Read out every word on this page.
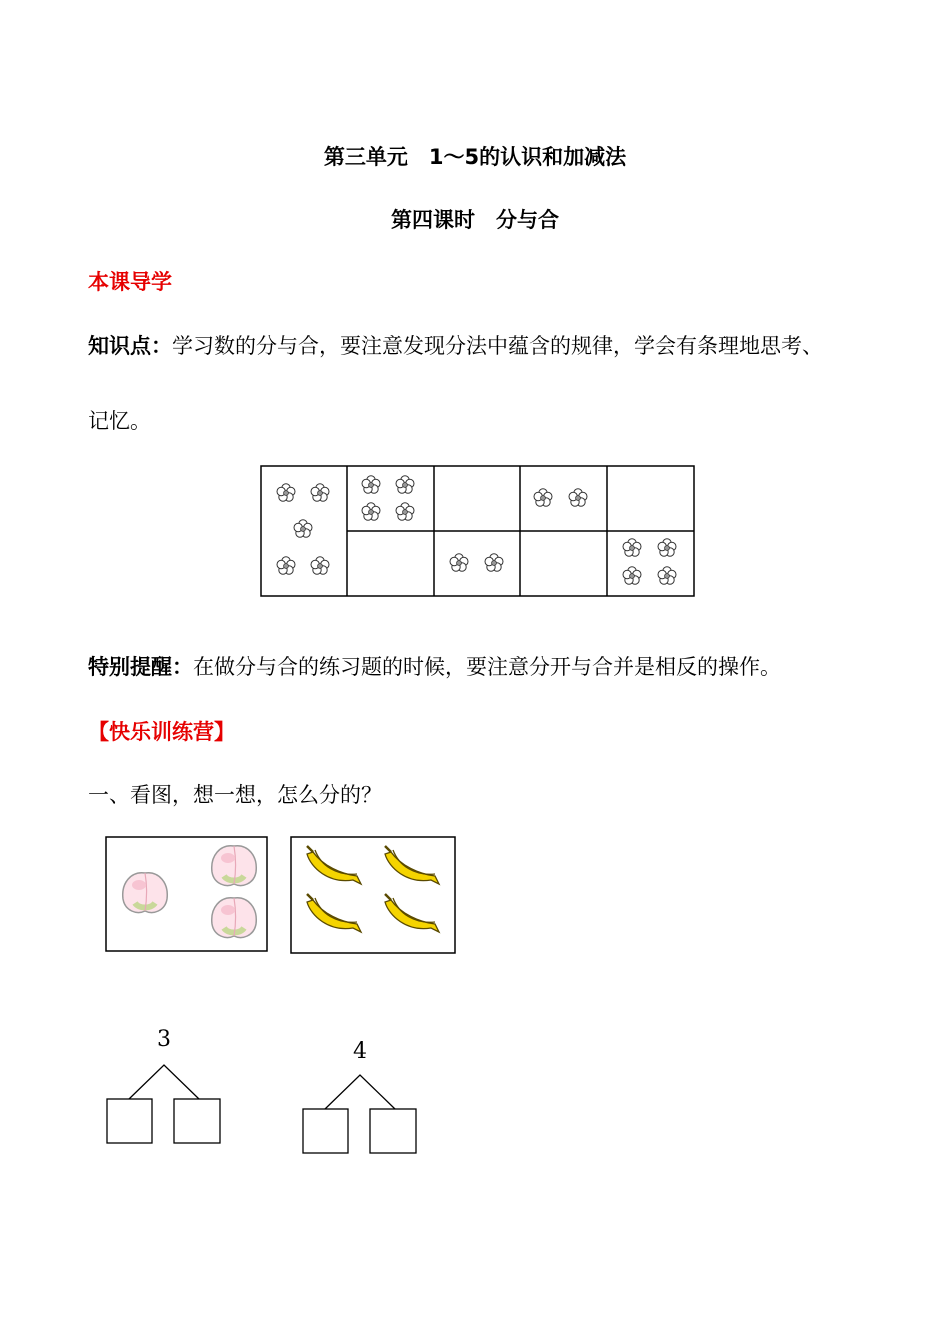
第三单元　1～5的认识和加减法
第四课时　分与合
本课导学
知识点：学习数的分与合，要注意发现分法中蕴含的规律，学会有条理地思考、
记忆。
特别提醒：在做分与合的练习题的时候，要注意分开与合并是相反的操作。
【快乐训练营】
一、看图，想一想，怎么分的？
3	4
